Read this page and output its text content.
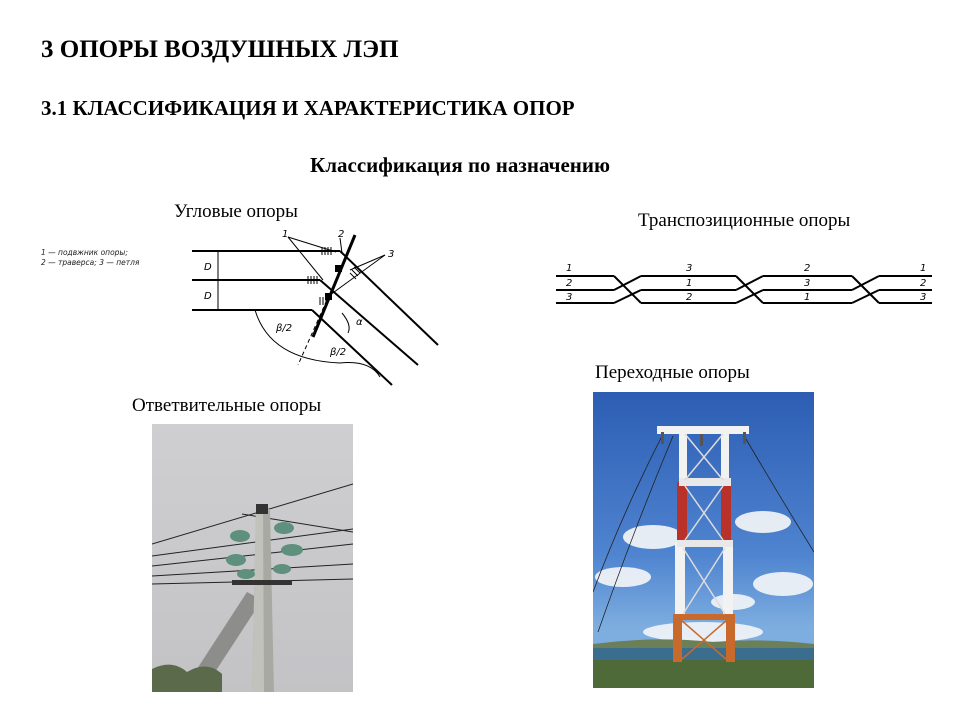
3 ОПОРЫ ВОЗДУШНЫХ ЛЭП
3.1 КЛАССИФИКАЦИЯ И ХАРАКТЕРИСТИКА ОПОР
Классификация по назначению
Угловые опоры	Транспозиционные опоры
Переходные опоры
Ответвительные опоры
1 — подвжник опоры;
2 — траверса; 3 — петля
1	2
3
D
D
β/2
β/2
α
1
2
3
3
1
2
2
3
1
1
2
3
